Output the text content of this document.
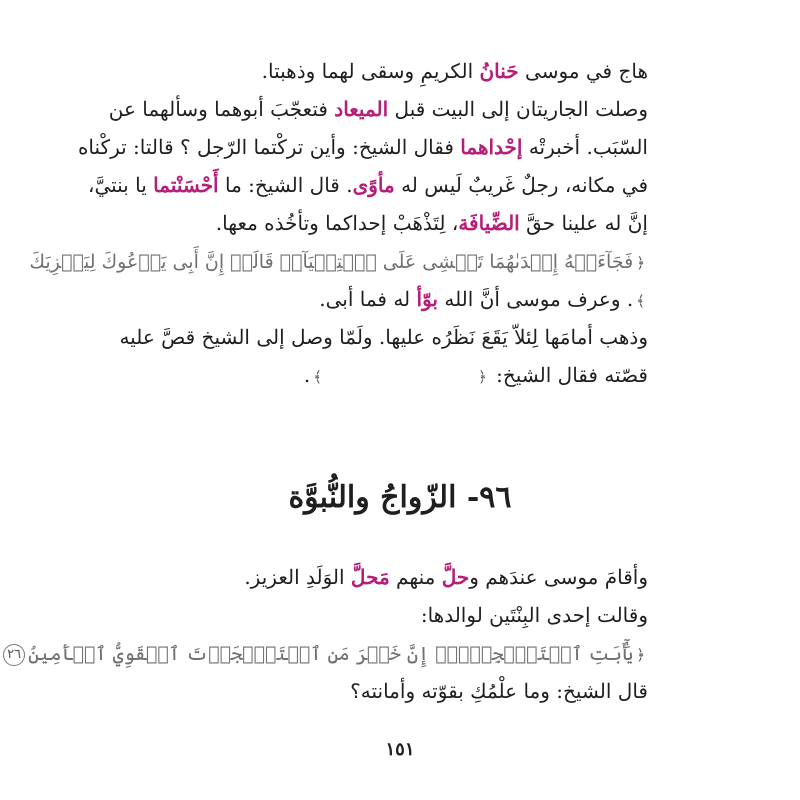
هاج في موسى حَنانُ الكريمِ وسقى لهما وذهبتا.
وصلت الجاريتان إلى البيت قبل الميعاد فتعجّبَ أبوهما وسألهما عن
السّبَب. أخبرتْه إحْداهما فقال الشيخ: وأين تركْتما الرّجل ؟ قالتا: تركْناه
في مكانه، رجلٌ غَريبٌ لَيس له مأوًى. قال الشيخ: ما أَحْسَنْتما يا بنتيَّ،
إنَّ له علينا حقَّ الضِّيافَة، لِتَذْهَبْ إحداكما وتأخُذه معها.
﴿فَجَآءَتۡهُ إِحۡدَىٰهُمَا تَمۡشِى عَلَى ٱسۡتِحۡيَآءٖ قَالَتۡ إِنَّ أَبِى يَدۡعُوكَ لِيَجۡزِيَكَ
﴾. وعرف موسى أنَّ الله بوّأ له فما أبى.
وذهب أمامَها لِئلاّ يَقَعَ نَظَرُه عليها. ولَمّا وصل إلى الشيخ قصَّ عليه
قصّته فقال الشيخ: ﴿﴾.
٩٦- الزّواجُ والنُّبوَّة
وأقامَ موسى عندَهم وحلَّ منهم مَحلَّ الوَلَدِ العزيز.
وقالت إحدى البِنْتَين لوالدها:
﴿يَٰٓأَبَتِ ٱسۡتَـٔۡجِرۡهُۖ إِنَّ خَيۡرَ مَنِ ٱسۡتَـٔۡجَرۡتَ ٱلۡقَوِيُّ ٱلۡأَمِينُ٢٦
قال الشيخ: وما علْمُكِ بقوّته وأمانته؟
١٥١
